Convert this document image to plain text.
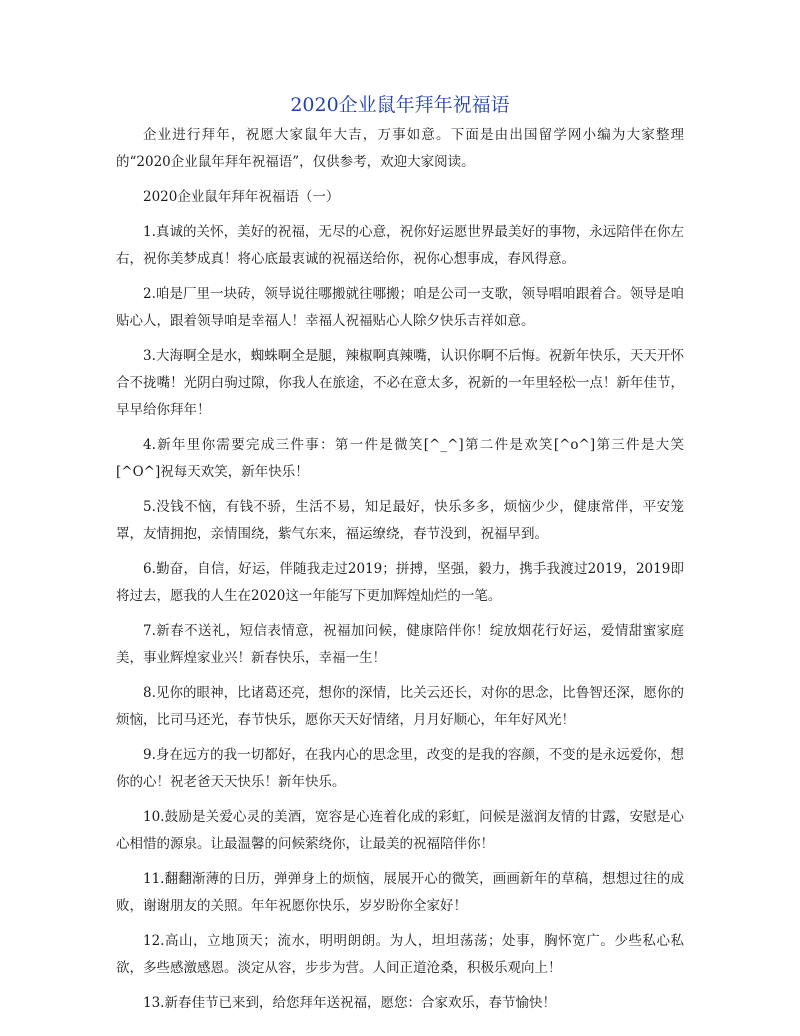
2020企业鼠年拜年祝福语

企业进行拜年，祝愿大家鼠年大吉，万事如意。下面是由出国留学网小编为大家整理的“2020企业鼠年拜年祝福语”，仅供参考，欢迎大家阅读。

2020企业鼠年拜年祝福语（一）

1.真诚的关怀，美好的祝福，无尽的心意，祝你好运愿世界最美好的事物，永远陪伴在你左右，祝你美梦成真！将心底最衷诚的祝福送给你，祝你心想事成，春风得意。

2.咱是厂里一块砖，领导说往哪搬就往哪搬；咱是公司一支歌，领导唱咱跟着合。领导是咱贴心人，跟着领导咱是幸福人！幸福人祝福贴心人除夕快乐吉祥如意。

3.大海啊全是水，蜘蛛啊全是腿，辣椒啊真辣嘴，认识你啊不后悔。祝新年快乐，天天开怀合不拢嘴！光阴白驹过隙，你我人在旅途，不必在意太多，祝新的一年里轻松一点！新年佳节，早早给你拜年！

4.新年里你需要完成三件事：第一件是微笑[^_^]第二件是欢笑[^o^]第三件是大笑[^O^]祝每天欢笑，新年快乐！

5.没钱不恼，有钱不骄，生活不易，知足最好，快乐多多，烦恼少少，健康常伴，平安笼罩，友情拥抱，亲情围绕，紫气东来，福运缭绕，春节没到，祝福早到。

6.勤奋，自信，好运，伴随我走过2019；拼搏，坚强，毅力，携手我渡过2019，2019即将过去，愿我的人生在2020这一年能写下更加辉煌灿烂的一笔。

7.新春不送礼，短信表情意，祝福加问候，健康陪伴你！绽放烟花行好运，爱情甜蜜家庭美，事业辉煌家业兴！新春快乐，幸福一生！

8.见你的眼神，比诸葛还亮，想你的深情，比关云还长，对你的思念，比鲁智还深，愿你的烦恼，比司马还光，春节快乐，愿你天天好情绪，月月好顺心，年年好风光！

9.身在远方的我一切都好，在我内心的思念里，改变的是我的容颜，不变的是永远爱你，想你的心！祝老爸天天快乐！新年快乐。

10.鼓励是关爱心灵的美酒，宽容是心连着化成的彩虹，问候是滋润友情的甘露，安慰是心心相惜的源泉。让最温馨的问候萦绕你，让最美的祝福陪伴你！

11.翻翻渐薄的日历，弹弹身上的烦恼，展展开心的微笑，画画新年的草稿，想想过往的成败，谢谢朋友的关照。年年祝愿你快乐，岁岁盼你全家好！

12.高山，立地顶天；流水，明明朗朗。为人，坦坦荡荡；处事，胸怀宽广。少些私心私欲，多些感激感恩。淡定从容，步步为营。人间正道沧桑，积极乐观向上！

13.新春佳节已来到，给您拜年送祝福，愿您：合家欢乐，春节愉快！
